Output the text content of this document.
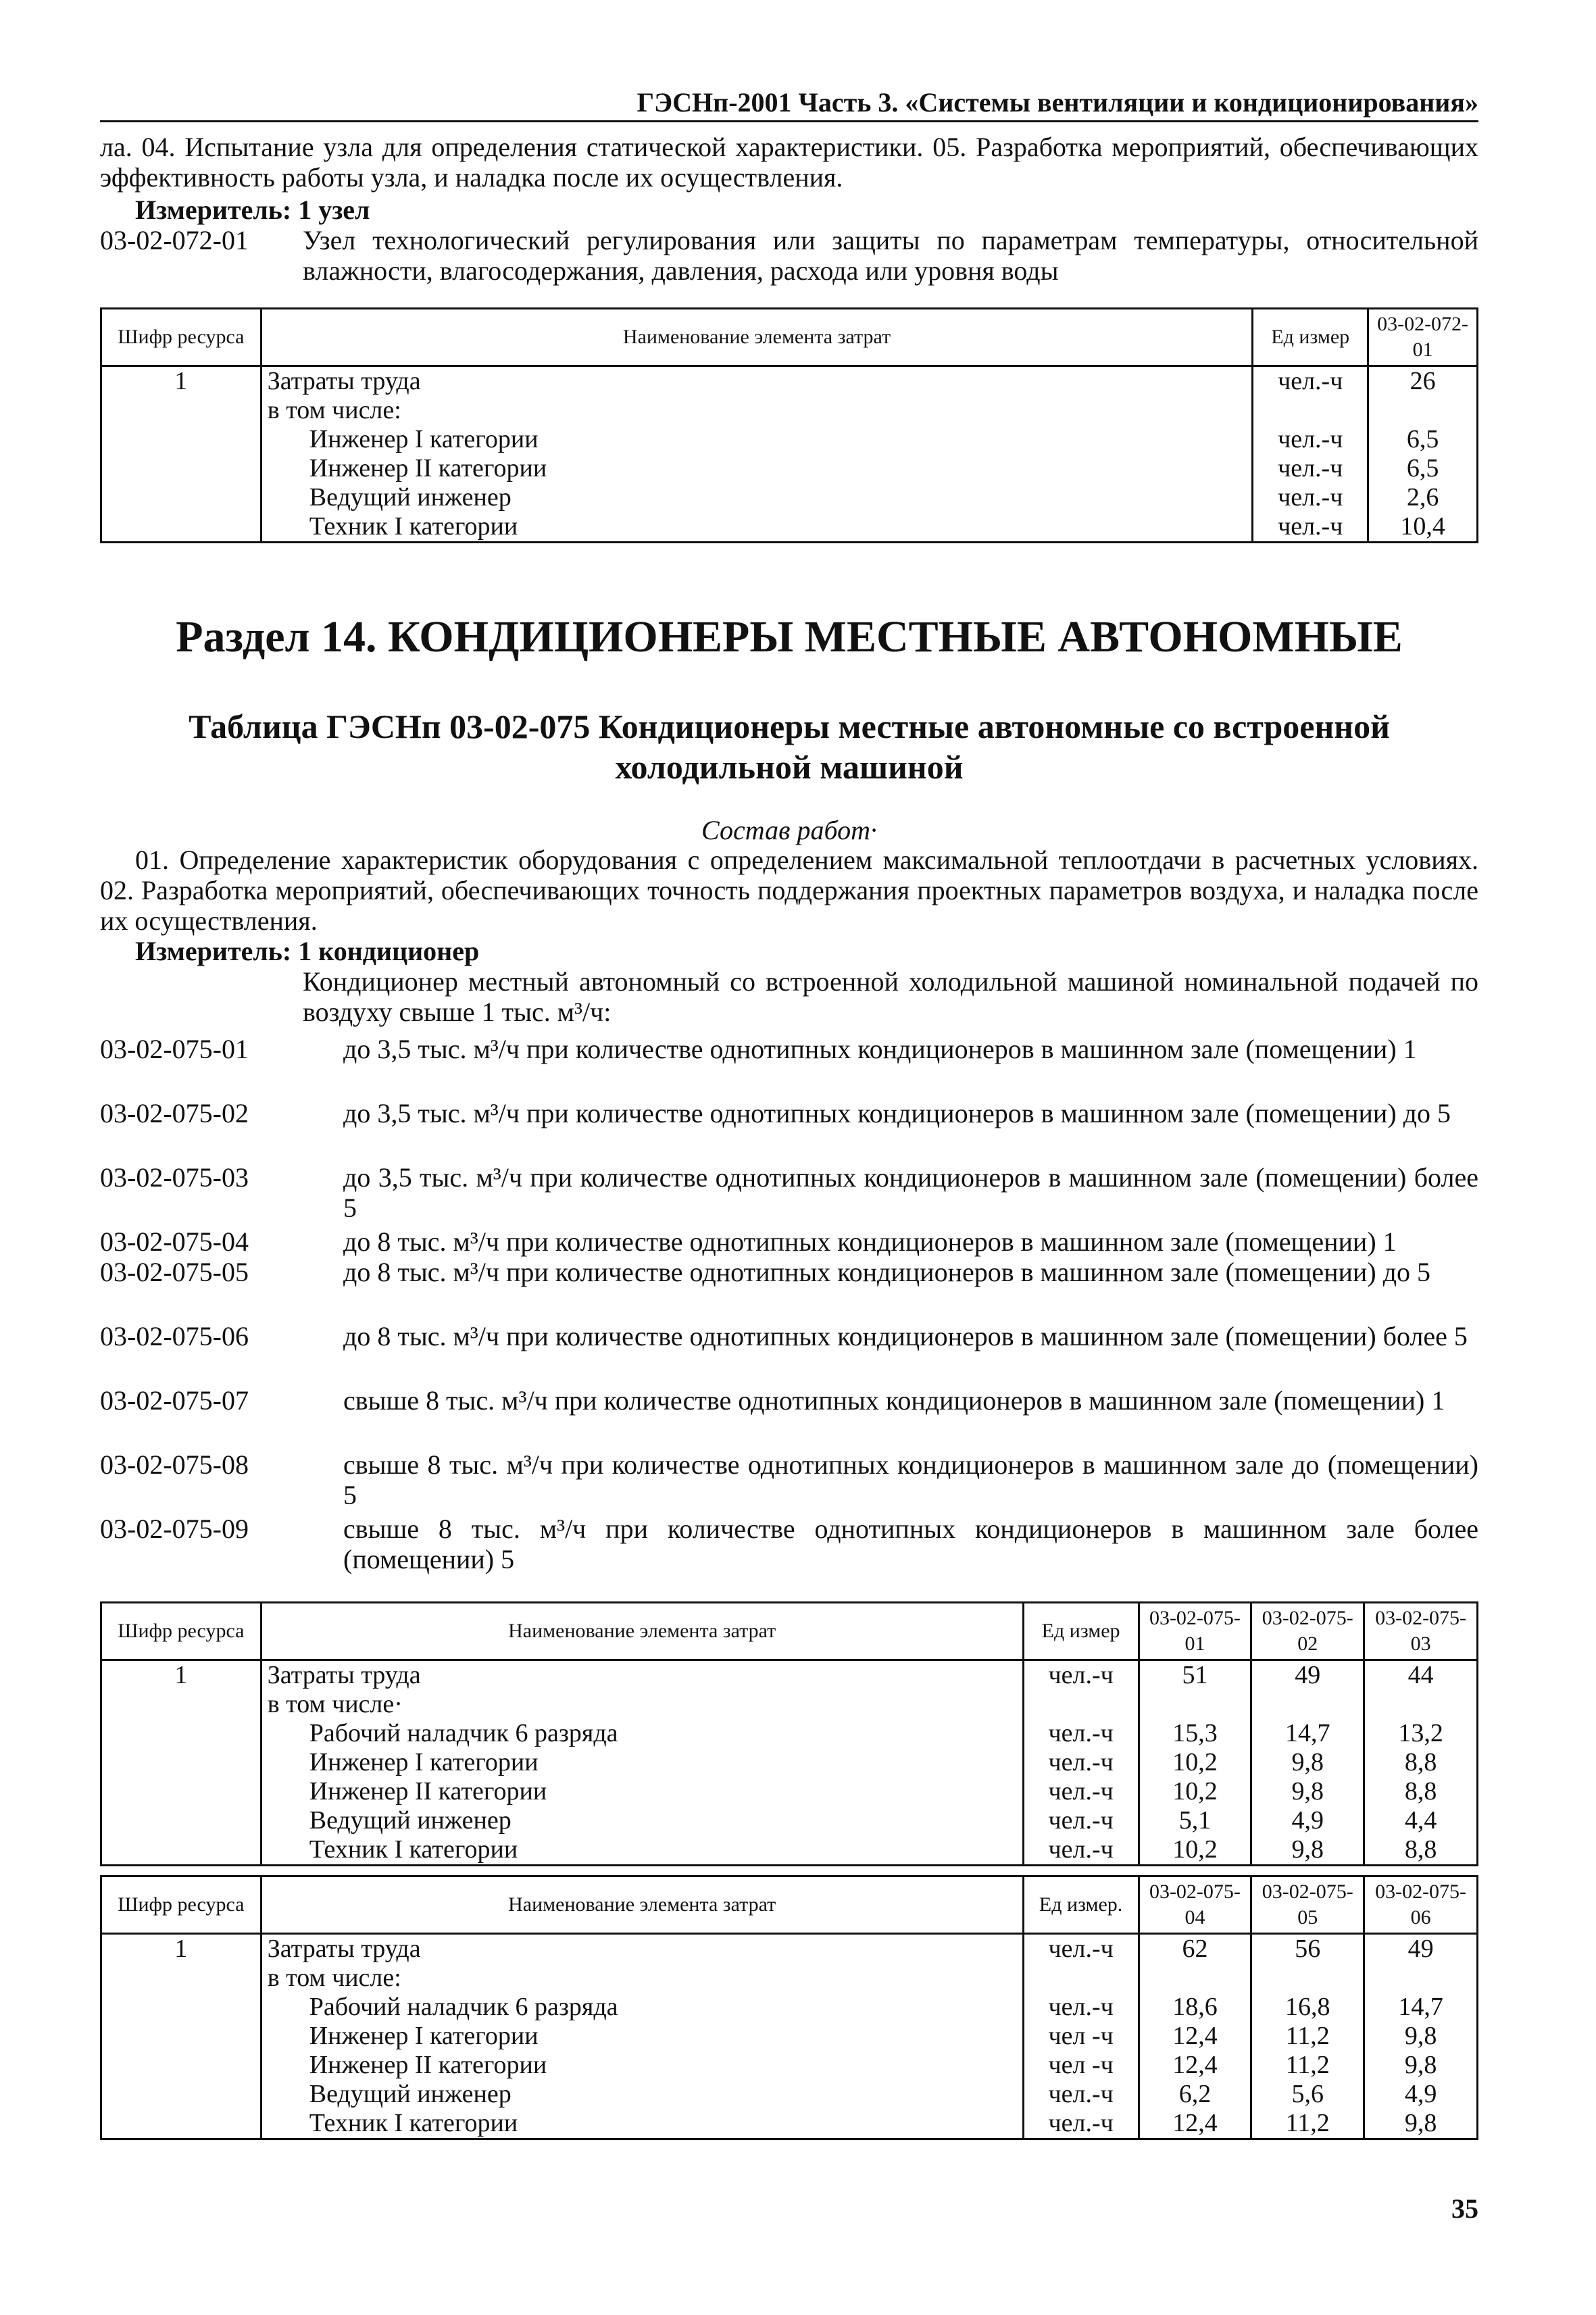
ГЭСНп-2001 Часть 3. «Системы вентиляции и кондиционирования»

ла. 04. Испытание узла для определения статической характеристики. 05. Разработка мероприятий, обеспечивающих эффективность работы узла, и наладка после их осуществления.

Измеритель: 1 узел

03-02-072-01 Узел технологический регулирования или защиты по параметрам температуры, относительной влажности, влагосодержания, давления, расхода или уровня воды
Шифр ресурса	Наименование элемента затрат	Ед измер	03-02-072-01
1	Затраты труда	чел.-ч	26
	в том числе:		
	Инженер I категории	чел.-ч	6,5
	Инженер II категории	чел.-ч	6,5
	Ведущий инженер	чел.-ч	2,6
	Техник I категории	чел.-ч	10,4
Раздел 14. КОНДИЦИОНЕРЫ МЕСТНЫЕ АВТОНОМНЫЕ
Таблица ГЭСНп 03-02-075 Кондиционеры местные автономные со встроенной холодильной машиной
Состав работ·

01. Определение характеристик оборудования с определением максимальной теплоотдачи в расчетных условиях. 02. Разработка мероприятий, обеспечивающих точность поддержания проектных параметров воздуха, и наладка после их осуществления.

Измеритель: 1 кондиционер

Кондиционер местный автономный со встроенной холодильной машиной номинальной подачей по воздуху свыше 1 тыс. м³/ч:

03-02-075-01	до 3,5 тыс. м³/ч при количестве однотипных кондиционеров в машинном зале (помещении) 1
03-02-075-02	до 3,5 тыс. м³/ч при количестве однотипных кондиционеров в машинном зале (помещении) до 5
03-02-075-03	до 3,5 тыс. м³/ч при количестве однотипных кондиционеров в машинном зале (помещении) более 5
03-02-075-04	до 8 тыс. м³/ч при количестве однотипных кондиционеров в машинном зале (помещении) 1
03-02-075-05	до 8 тыс. м³/ч при количестве однотипных кондиционеров в машинном зале (помещении) до 5
03-02-075-06	до 8 тыс. м³/ч при количестве однотипных кондиционеров в машинном зале (помещении) более 5
03-02-075-07	свыше 8 тыс. м³/ч при количестве однотипных кондиционеров в машинном зале (помещении) 1
03-02-075-08	свыше 8 тыс. м³/ч при количестве однотипных кондиционеров в машинном зале до (помещении) 5
03-02-075-09	свыше 8 тыс. м³/ч при количестве однотипных кондиционеров в машинном зале более (помещении) 5
Шифр ресурса	Наименование элемента затрат	Ед измер	03-02-075-01	03-02-075-02	03-02-075-03
1	Затраты труда	чел.-ч	51	49	44
	в том числе·				
	Рабочий наладчик 6 разряда	чел.-ч	15,3	14,7	13,2
	Инженер I категории	чел.-ч	10,2	9,8	8,8
	Инженер II категории	чел.-ч	10,2	9,8	8,8
	Ведущий инженер	чел.-ч	5,1	4,9	4,4
	Техник I категории	чел.-ч	10,2	9,8	8,8
Шифр ресурса	Наименование элемента затрат	Ед измер.	03-02-075-04	03-02-075-05	03-02-075-06
1	Затраты труда	чел.-ч	62	56	49
	в том числе:				
	Рабочий наладчик 6 разряда	чел.-ч	18,6	16,8	14,7
	Инженер I категории	чел -ч	12,4	11,2	9,8
	Инженер II категории	чел -ч	12,4	11,2	9,8
	Ведущий инженер	чел.-ч	6,2	5,6	4,9
	Техник I категории	чел.-ч	12,4	11,2	9,8
35
